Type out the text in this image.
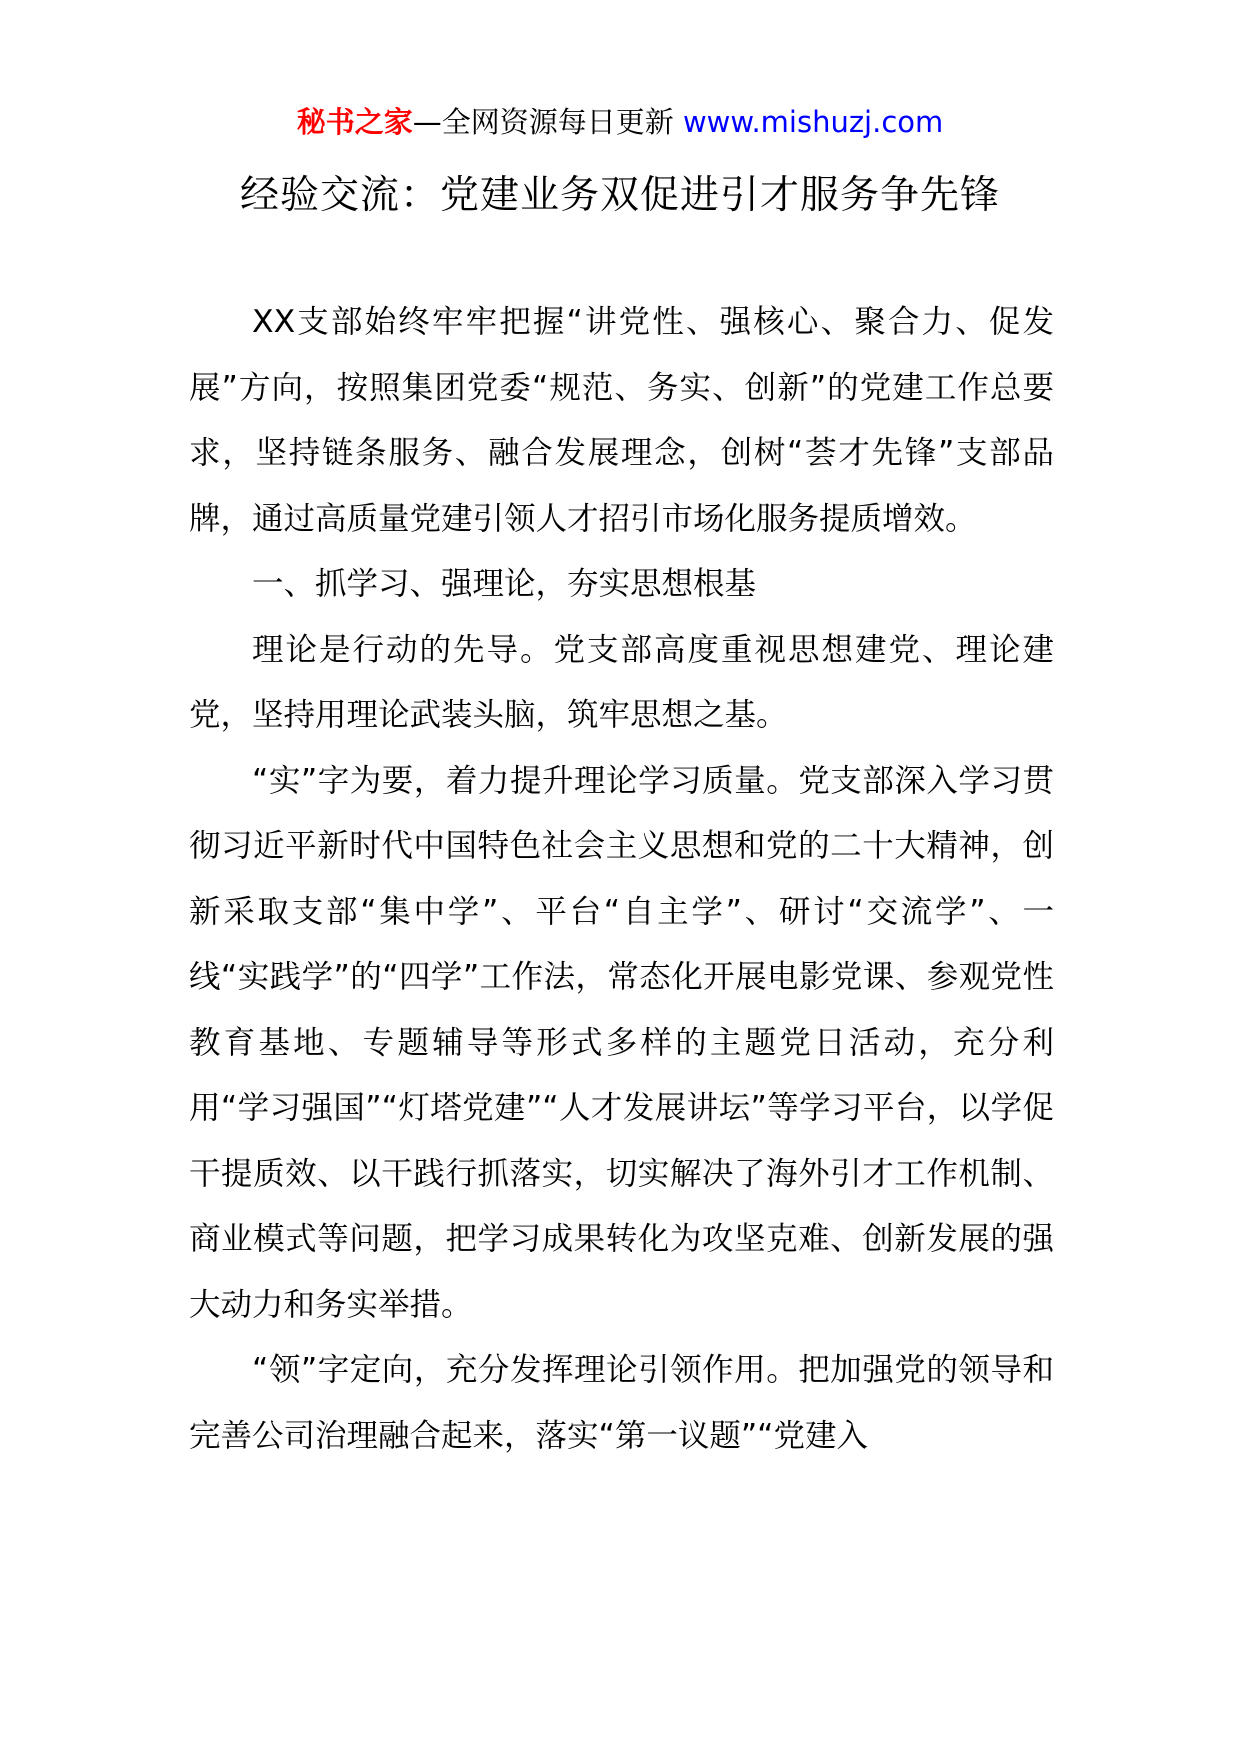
秘书之家—全网资源每日更新 www.mishuzj.com
经验交流：党建业务双促进引才服务争先锋

XX支部始终牢牢把握“讲党性、强核心、聚合力、促发展”方向，按照集团党委“规范、务实、创新”的党建工作总要求，坚持链条服务、融合发展理念，创树“荟才先锋”支部品牌，通过高质量党建引领人才招引市场化服务提质增效。

一、抓学习、强理论，夯实思想根基

理论是行动的先导。党支部高度重视思想建党、理论建党，坚持用理论武装头脑，筑牢思想之基。

“实”字为要，着力提升理论学习质量。党支部深入学习贯彻习近平新时代中国特色社会主义思想和党的二十大精神，创新采取支部“集中学”、平台“自主学”、研讨“交流学”、一线“实践学”的“四学”工作法，常态化开展电影党课、参观党性教育基地、专题辅导等形式多样的主题党日活动，充分利用“学习强国”“灯塔党建”“人才发展讲坛”等学习平台，以学促干提质效、以干践行抓落实，切实解决了海外引才工作机制、商业模式等问题，把学习成果转化为攻坚克难、创新发展的强大动力和务实举措。

“领”字定向，充分发挥理论引领作用。把加强党的领导和完善公司治理融合起来，落实“第一议题”“党建入
